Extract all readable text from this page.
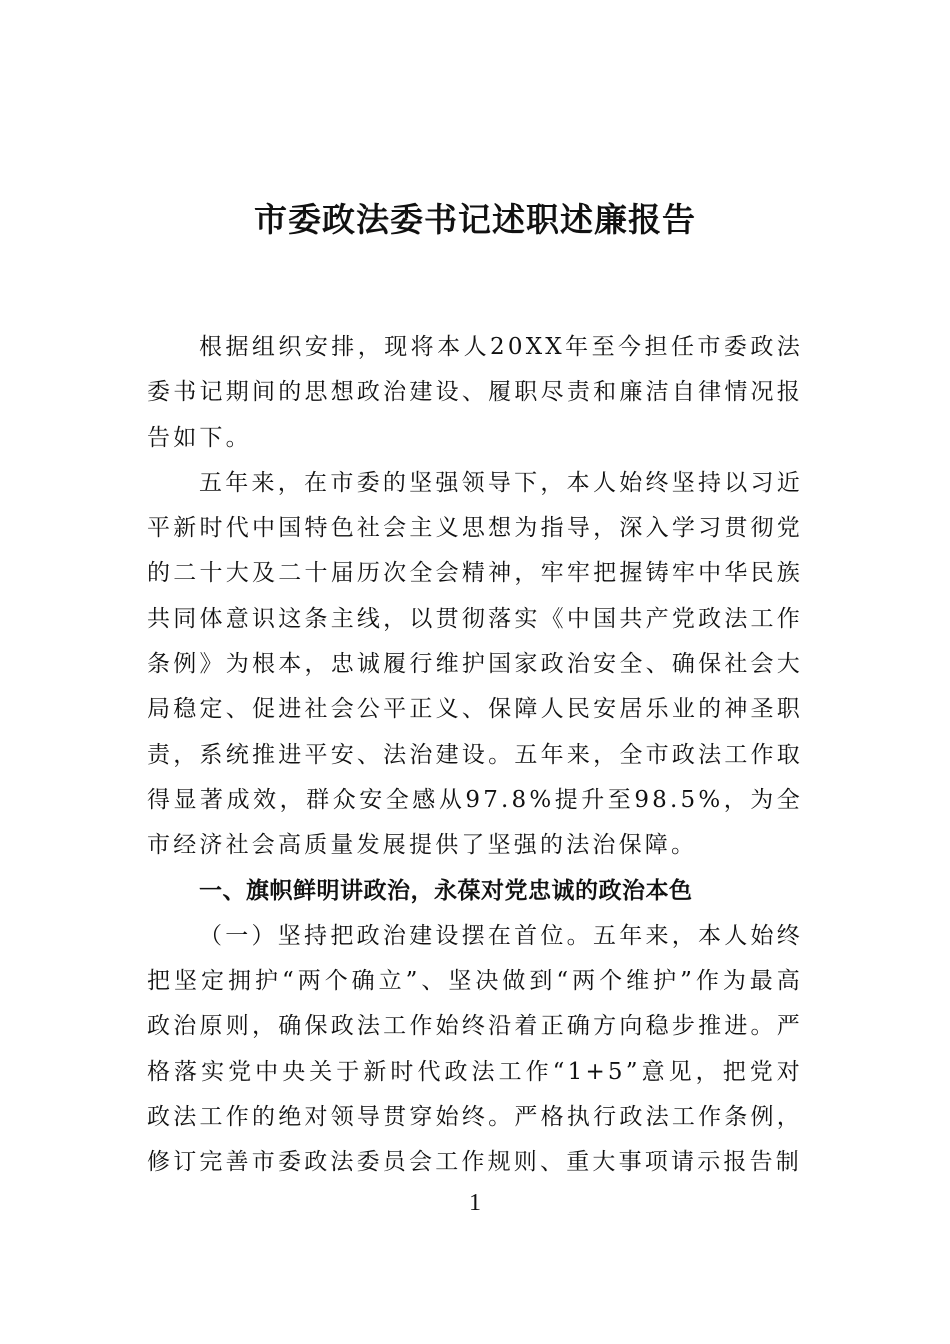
市委政法委书记述职述廉报告

根据组织安排，现将本人20XX年至今担任市委政法委书记期间的思想政治建设、履职尽责和廉洁自律情况报告如下。

五年来，在市委的坚强领导下，本人始终坚持以习近平新时代中国特色社会主义思想为指导，深入学习贯彻党的二十大及二十届历次全会精神，牢牢把握铸牢中华民族共同体意识这条主线，以贯彻落实《中国共产党政法工作条例》为根本，忠诚履行维护国家政治安全、确保社会大局稳定、促进社会公平正义、保障人民安居乐业的神圣职责，系统推进平安、法治建设。五年来，全市政法工作取得显著成效，群众安全感从97.8%提升至98.5%，为全市经济社会高质量发展提供了坚强的法治保障。

一、旗帜鲜明讲政治，永葆对党忠诚的政治本色

（一）坚持把政治建设摆在首位。五年来，本人始终把坚定拥护“两个确立”、坚决做到“两个维护”作为最高政治原则，确保政法工作始终沿着正确方向稳步推进。严格落实党中央关于新时代政法工作“1+5”意见，把党对政法工作的绝对领导贯穿始终。严格执行政法工作条例，修订完善市委政法委员会工作规则、重大事项请示报告制

1
